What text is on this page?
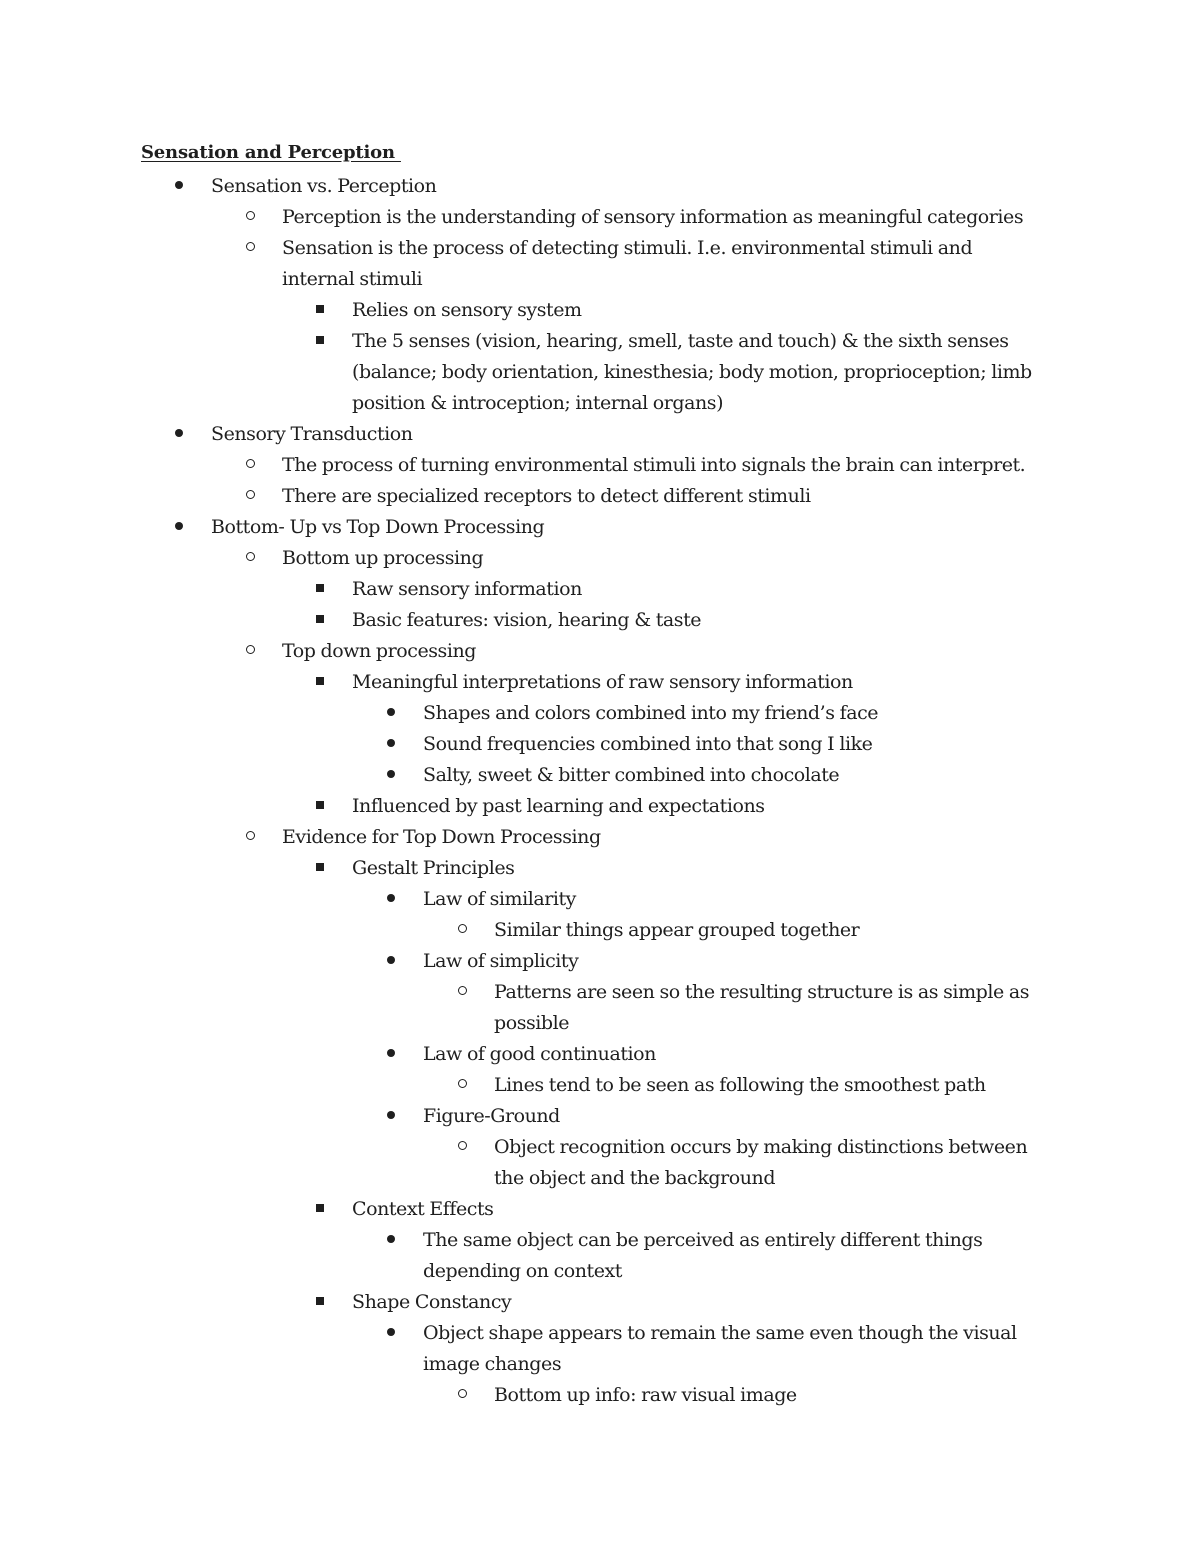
Sensation and Perception
Sensation vs. Perception
Perception is the understanding of sensory information as meaningful categories
Sensation is the process of detecting stimuli. I.e. environmental stimuli and internal stimuli
Relies on sensory system
The 5 senses (vision, hearing, smell, taste and touch) & the sixth senses (balance; body orientation, kinesthesia; body motion, proprioception; limb position & introception; internal organs)
Sensory Transduction
The process of turning environmental stimuli into signals the brain can interpret.
There are specialized receptors to detect different stimuli
Bottom- Up vs Top Down Processing
Bottom up processing
Raw sensory information
Basic features: vision, hearing & taste
Top down processing
Meaningful interpretations of raw sensory information
Shapes and colors combined into my friend’s face
Sound frequencies combined into that song I like
Salty, sweet & bitter combined into chocolate
Influenced by past learning and expectations
Evidence for Top Down Processing
Gestalt Principles
Law of similarity
Similar things appear grouped together
Law of simplicity
Patterns are seen so the resulting structure is as simple as possible
Law of good continuation
Lines tend to be seen as following the smoothest path
Figure-Ground
Object recognition occurs by making distinctions between the object and the background
Context Effects
The same object can be perceived as entirely different things depending on context
Shape Constancy
Object shape appears to remain the same even though the visual image changes
Bottom up info: raw visual image
